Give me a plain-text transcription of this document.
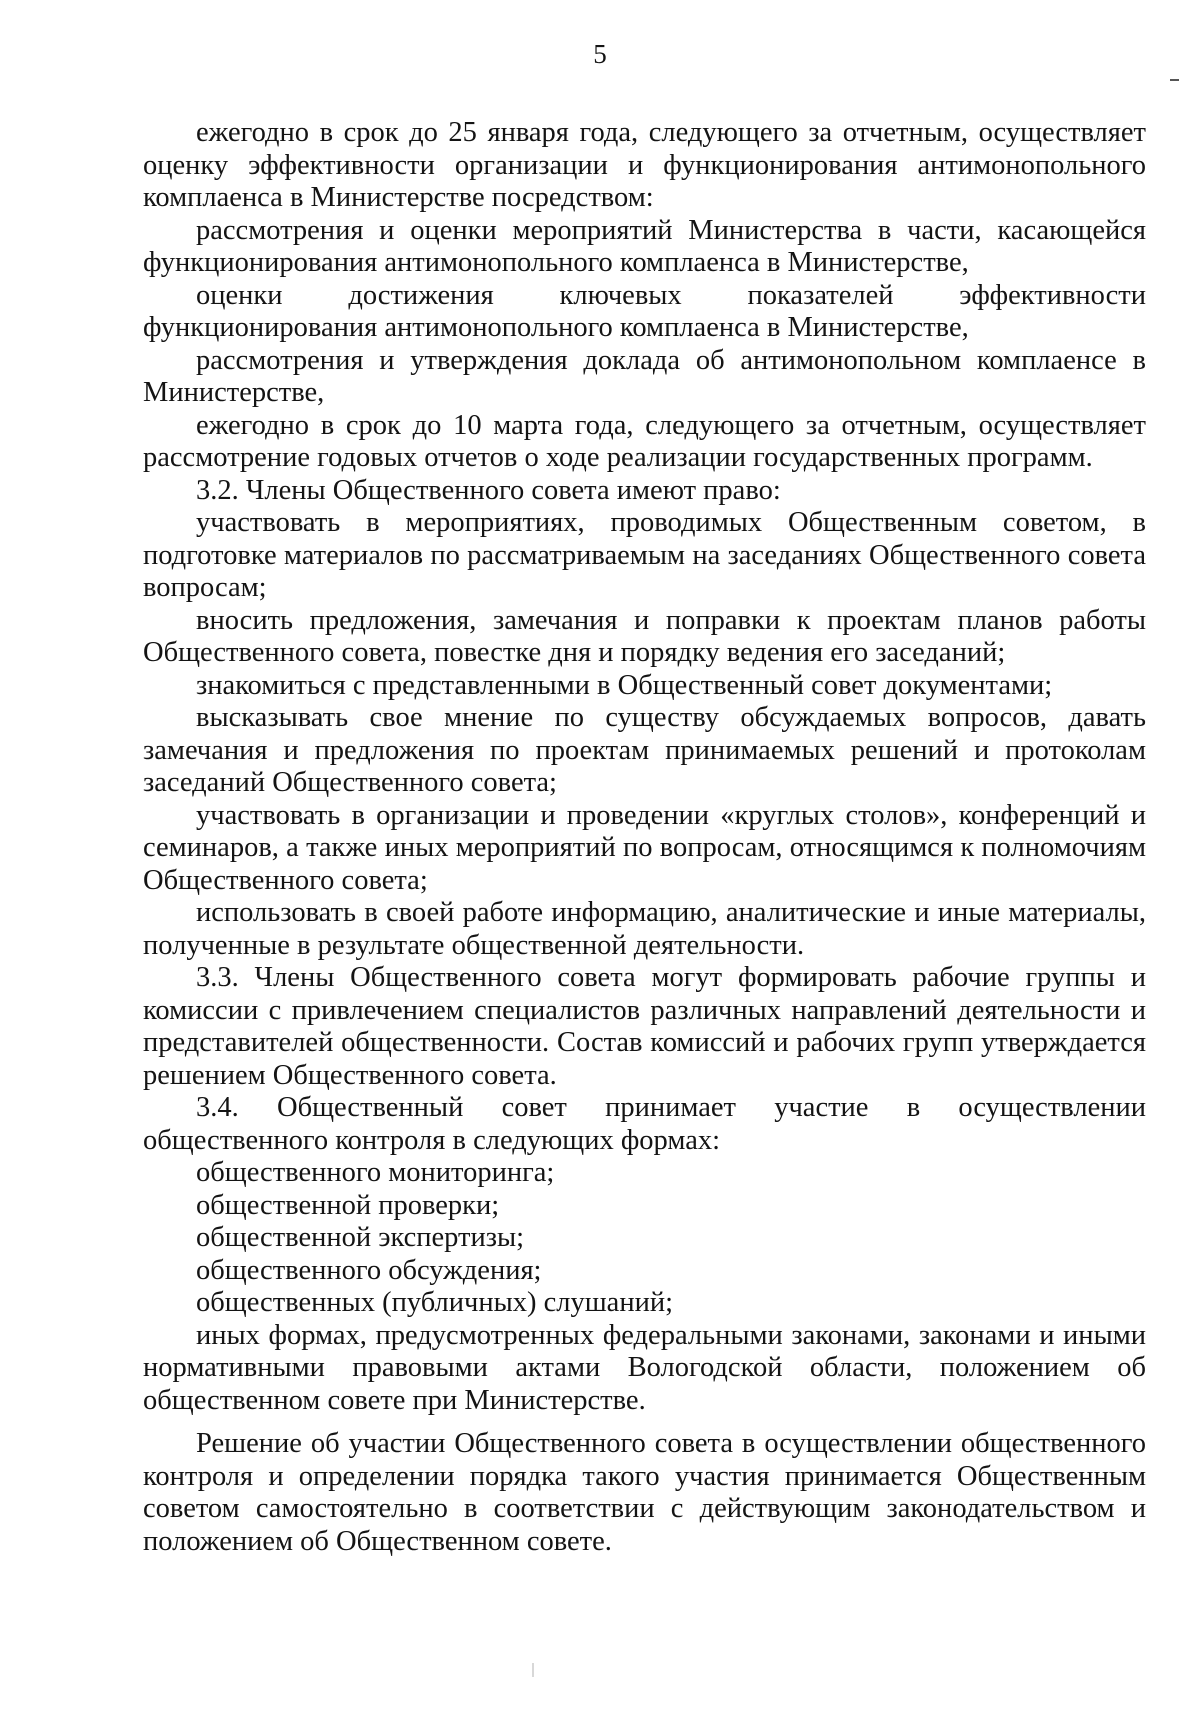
5

ежегодно в срок до 25 января года, следующего за отчетным, осуществляет оценку эффективности организации и функционирования антимонопольного комплаенса в Министерстве посредством:

рассмотрения и оценки мероприятий Министерства в части, касающейся функционирования антимонопольного комплаенса в Министерстве,

оценки достижения ключевых показателей эффективности функционирования антимонопольного комплаенса в Министерстве,

рассмотрения и утверждения доклада об антимонопольном комплаенсе в Министерстве,

ежегодно в срок до 10 марта года, следующего за отчетным, осуществляет рассмотрение годовых отчетов о ходе реализации государственных программ.

3.2. Члены Общественного совета имеют право:

участвовать в мероприятиях, проводимых Общественным советом, в подготовке материалов по рассматриваемым на заседаниях Общественного совета вопросам;

вносить предложения, замечания и поправки к проектам планов работы Общественного совета, повестке дня и порядку ведения его заседаний;

знакомиться с представленными в Общественный совет документами;

высказывать свое мнение по существу обсуждаемых вопросов, давать замечания и предложения по проектам принимаемых решений и протоколам заседаний Общественного совета;

участвовать в организации и проведении «круглых столов», конференций и семинаров, а также иных мероприятий по вопросам, относящимся к полномочиям Общественного совета;

использовать в своей работе информацию, аналитические и иные материалы, полученные в результате общественной деятельности.

3.3. Члены Общественного совета могут формировать рабочие группы и комиссии с привлечением специалистов различных направлений деятельности и представителей общественности. Состав комиссий и рабочих групп утверждается решением Общественного совета.

3.4. Общественный совет принимает участие в осуществлении общественного контроля в следующих формах:

общественного мониторинга;

общественной проверки;

общественной экспертизы;

общественного обсуждения;

общественных (публичных) слушаний;

иных формах, предусмотренных федеральными законами, законами и иными нормативными правовыми актами Вологодской области, положением об общественном совете при Министерстве.

Решение об участии Общественного совета в осуществлении общественного контроля и определении порядка такого участия принимается Общественным советом самостоятельно в соответствии с действующим законодательством и положением об Общественном совете.
